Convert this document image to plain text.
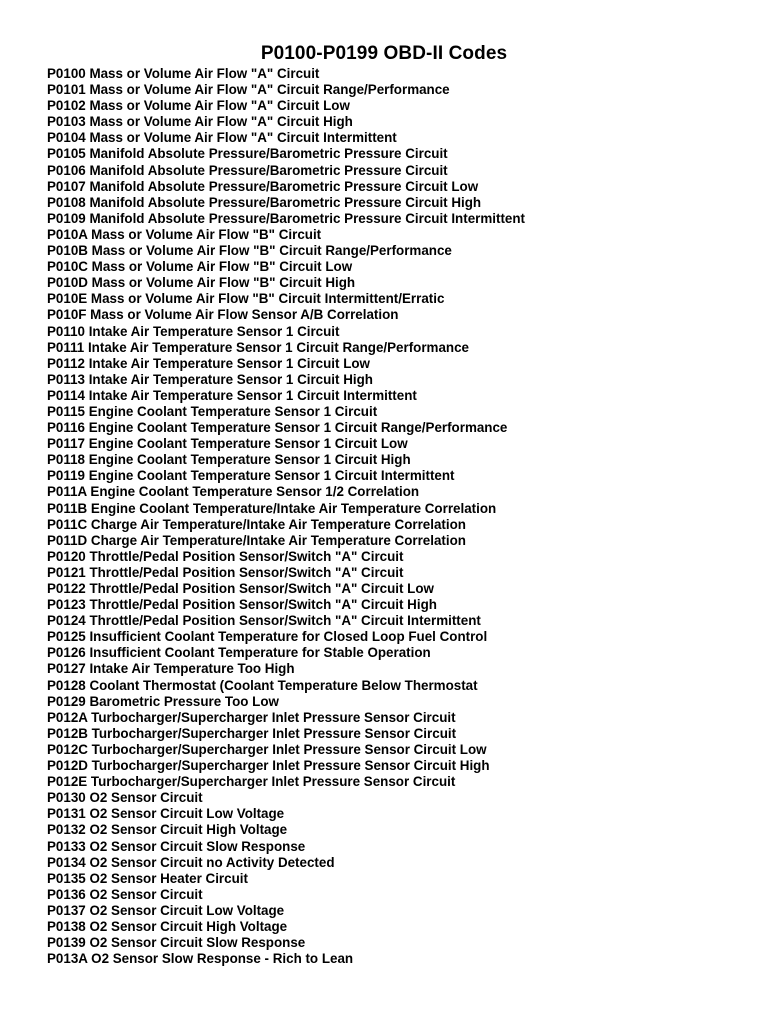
P0100-P0199 OBD-II Codes
P0100 Mass or Volume Air Flow "A" Circuit
P0101 Mass or Volume Air Flow "A" Circuit Range/Performance
P0102 Mass or Volume Air Flow "A" Circuit Low
P0103 Mass or Volume Air Flow "A" Circuit High
P0104 Mass or Volume Air Flow "A" Circuit Intermittent
P0105 Manifold Absolute Pressure/Barometric Pressure Circuit
P0106 Manifold Absolute Pressure/Barometric Pressure Circuit
P0107 Manifold Absolute Pressure/Barometric Pressure Circuit Low
P0108 Manifold Absolute Pressure/Barometric Pressure Circuit High
P0109 Manifold Absolute Pressure/Barometric Pressure Circuit Intermittent
P010A Mass or Volume Air Flow "B" Circuit
P010B Mass or Volume Air Flow "B" Circuit Range/Performance
P010C Mass or Volume Air Flow "B" Circuit Low
P010D Mass or Volume Air Flow "B" Circuit High
P010E Mass or Volume Air Flow "B" Circuit Intermittent/Erratic
P010F Mass or Volume Air Flow Sensor A/B Correlation
P0110 Intake Air Temperature Sensor 1 Circuit
P0111 Intake Air Temperature Sensor 1 Circuit Range/Performance
P0112 Intake Air Temperature Sensor 1 Circuit Low
P0113 Intake Air Temperature Sensor 1 Circuit High
P0114 Intake Air Temperature Sensor 1 Circuit Intermittent
P0115 Engine Coolant Temperature Sensor 1 Circuit
P0116 Engine Coolant Temperature Sensor 1 Circuit Range/Performance
P0117 Engine Coolant Temperature Sensor 1 Circuit Low
P0118 Engine Coolant Temperature Sensor 1 Circuit High
P0119 Engine Coolant Temperature Sensor 1 Circuit Intermittent
P011A Engine Coolant Temperature Sensor 1/2 Correlation
P011B Engine Coolant Temperature/Intake Air Temperature Correlation
P011C Charge Air Temperature/Intake Air Temperature Correlation
P011D Charge Air Temperature/Intake Air Temperature Correlation
P0120 Throttle/Pedal Position Sensor/Switch "A" Circuit
P0121 Throttle/Pedal Position Sensor/Switch "A" Circuit
P0122 Throttle/Pedal Position Sensor/Switch "A" Circuit Low
P0123 Throttle/Pedal Position Sensor/Switch "A" Circuit High
P0124 Throttle/Pedal Position Sensor/Switch "A" Circuit Intermittent
P0125 Insufficient Coolant Temperature for Closed Loop Fuel Control
P0126 Insufficient Coolant Temperature for Stable Operation
P0127 Intake Air Temperature Too High
P0128 Coolant Thermostat (Coolant Temperature Below Thermostat
P0129 Barometric Pressure Too Low
P012A Turbocharger/Supercharger Inlet Pressure Sensor Circuit
P012B Turbocharger/Supercharger Inlet Pressure Sensor Circuit
P012C Turbocharger/Supercharger Inlet Pressure Sensor Circuit Low
P012D Turbocharger/Supercharger Inlet Pressure Sensor Circuit High
P012E Turbocharger/Supercharger Inlet Pressure Sensor Circuit
P0130 O2 Sensor Circuit
P0131 O2 Sensor Circuit Low Voltage
P0132 O2 Sensor Circuit High Voltage
P0133 O2 Sensor Circuit Slow Response
P0134 O2 Sensor Circuit no Activity Detected
P0135 O2 Sensor Heater Circuit
P0136 O2 Sensor Circuit
P0137 O2 Sensor Circuit Low Voltage
P0138 O2 Sensor Circuit High Voltage
P0139 O2 Sensor Circuit Slow Response
P013A O2 Sensor Slow Response - Rich to Lean
